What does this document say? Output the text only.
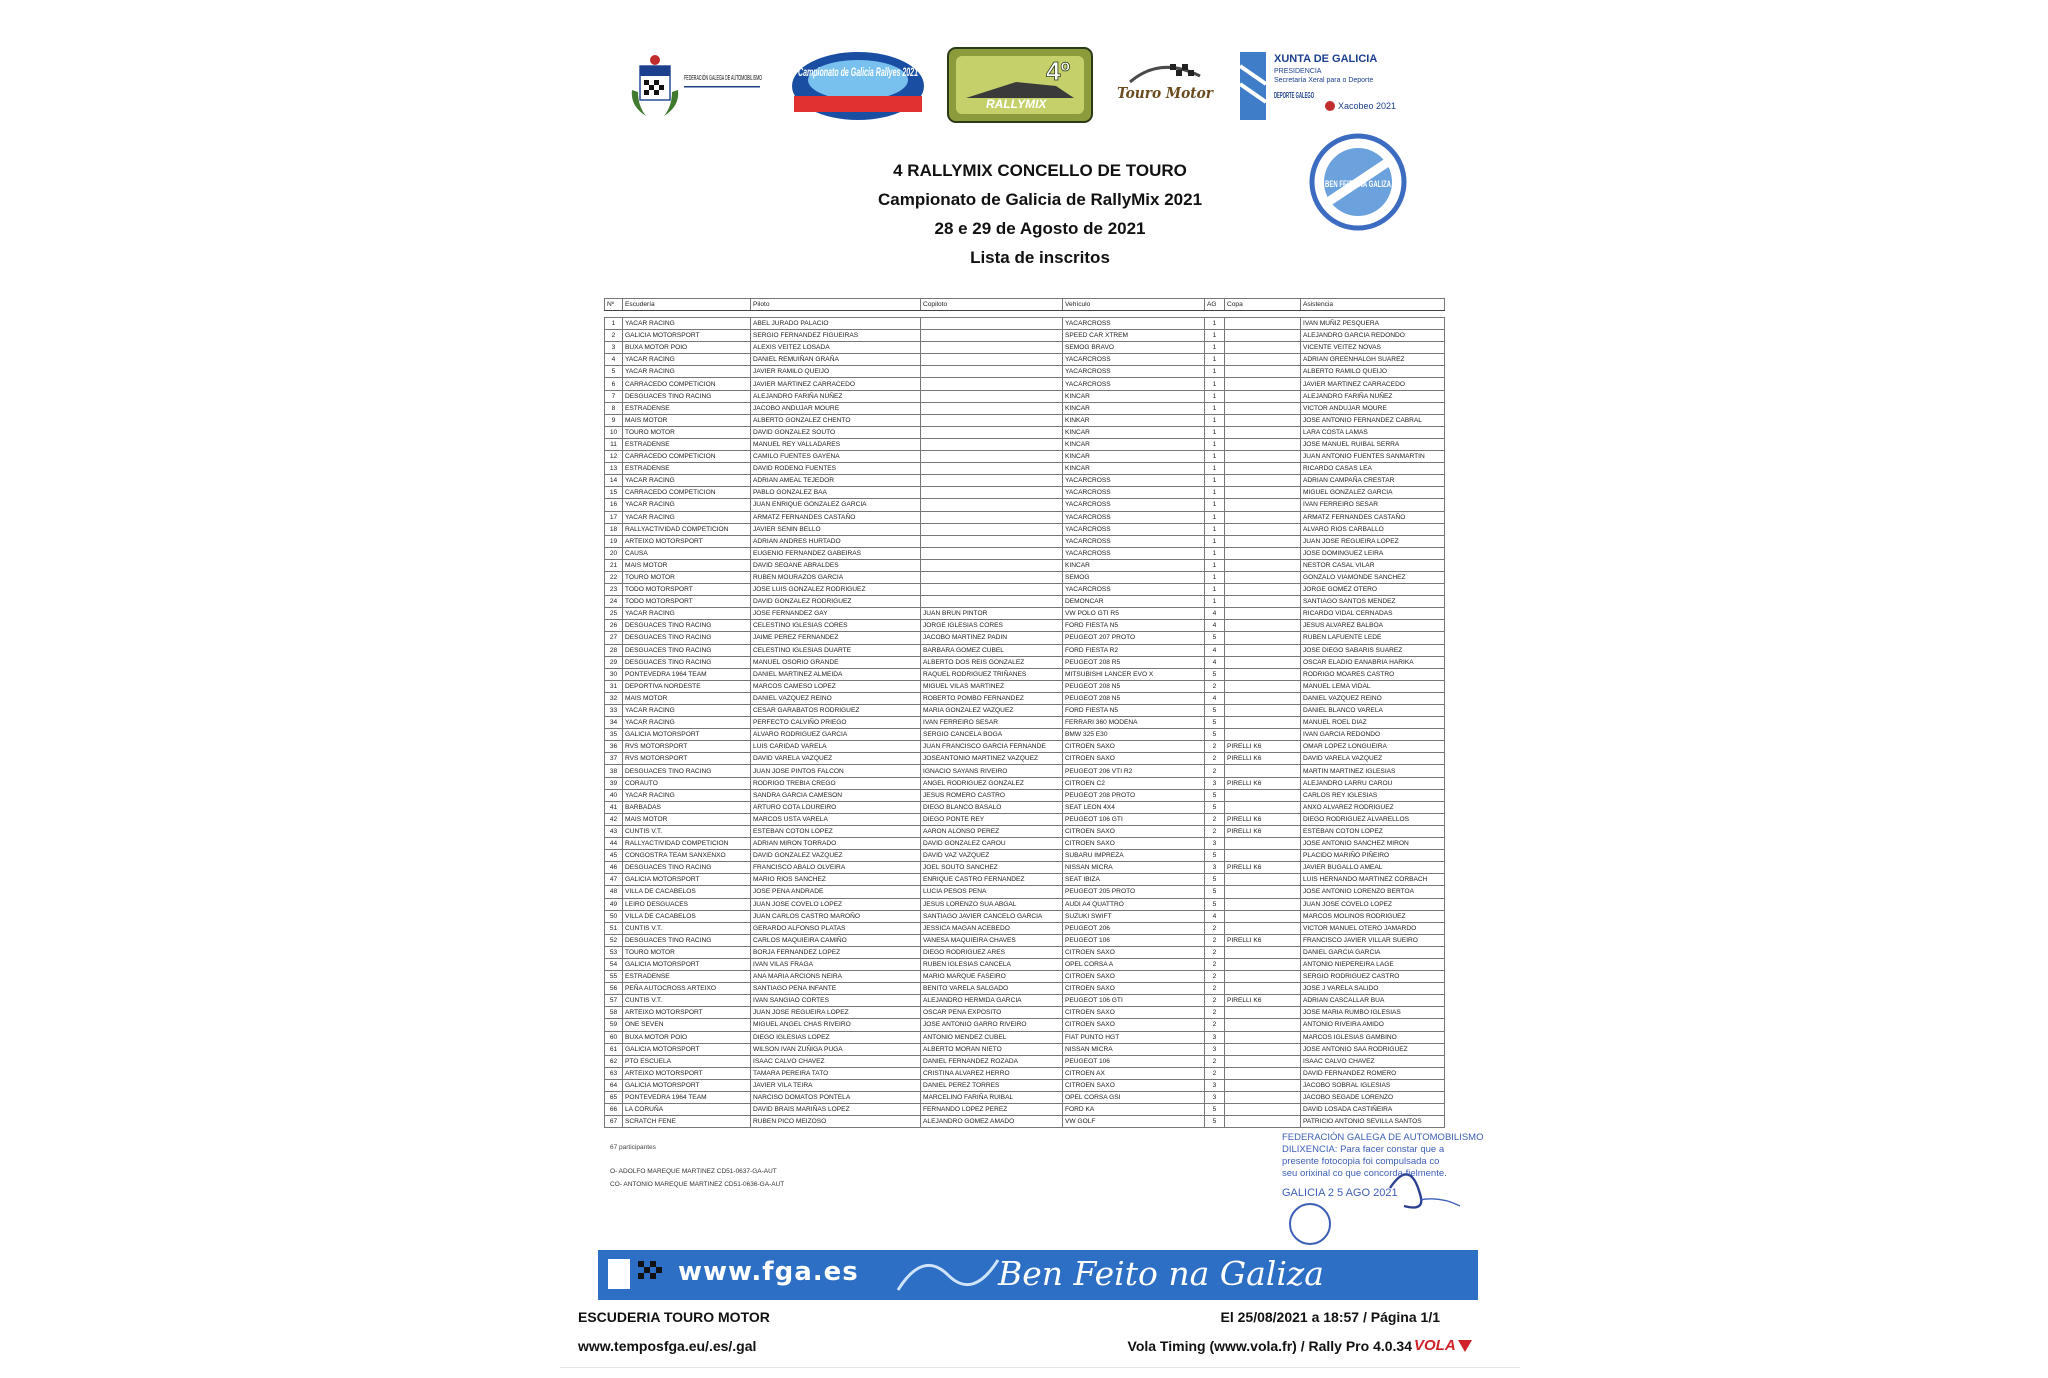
FEDERACIÓN GALEGA DE AUTOMOBILISMO
Campionato de Galicia Rallyes 2021
RALLYMIX
4º
Touro Motor
XUNTA DE GALICIA
PRESIDENCIA
Secretaría Xeral para o Deporte
DEPORTE GALEGO
Xacobeo 2021
BEN FEITO NA GALIZA
4 RALLYMIX CONCELLO DE TOURO
Campionato de Galicia de RallyMix 2021
28 e 29 de Agosto de 2021
Lista de inscritos
Nº	Escudería	Piloto	Copiloto	Vehículo	AG	Copa	Asistencia

1	YACAR RACING	ABEL JURADO PALACIO		YACARCROSS	1		IVAN MUÑIZ PESQUERA
2	GALICIA MOTORSPORT	SERGIO FERNANDEZ FIGUEIRAS		SPEED CAR XTREM	1		ALEJANDRO GARCIA REDONDO
3	BUXA MOTOR POIO	ALEXIS VEITEZ LOSADA		SEMOG BRAVO	1		VICENTE VEITEZ NOVAS
4	YACAR RACING	DANIEL REMUIÑAN GRAÑA		YACARCROSS	1		ADRIAN GREENHALGH SUAREZ
5	YACAR RACING	JAVIER RAMILO QUEIJO		YACARCROSS	1		ALBERTO RAMILO QUEIJO
6	CARRACEDO COMPETICION	JAVIER MARTINEZ CARRACEDO		YACARCROSS	1		JAVIER MARTINEZ CARRACEDO
7	DESGUACES TINO RACING	ALEJANDRO FARIÑA NUÑEZ		KINCAR	1		ALEJANDRO FARIÑA NUÑEZ
8	ESTRADENSE	JACOBO ANDUJAR MOURE		KINCAR	1		VICTOR ANDUJAR MOURE
9	MAIS MOTOR	ALBERTO GONZALEZ CHENTO		KINKAR	1		JOSE ANTONIO FERNANDEZ CABRAL
10	TOURO MOTOR	DAVID GONZALEZ SOUTO		KINCAR	1		LARA COSTA LAMAS
11	ESTRADENSE	MANUEL REY VALLADARES		KINCAR	1		JOSE MANUEL RUIBAL SERRA
12	CARRACEDO COMPETICION	CAMILO FUENTES GAYENA		KINCAR	1		JUAN ANTONIO FUENTES SANMARTIN
13	ESTRADENSE	DAVID RODENO FUENTES		KINCAR	1		RICARDO CASAS LEA
14	YACAR RACING	ADRIAN AMEAL TEJEDOR		YACARCROSS	1		ADRIAN CAMPAÑA CRESTAR
15	CARRACEDO COMPETICION	PABLO GONZALEZ BAA		YACARCROSS	1		MIGUEL GONZALEZ GARCIA
16	YACAR RACING	JUAN ENRIQUE GONZALEZ GARCIA		YACARCROSS	1		IVAN FERREIRO SESAR
17	YACAR RACING	ARMATZ FERNANDES CASTAÑO		YACARCROSS	1		ARMATZ FERNANDES CASTAÑO
18	RALLYACTIVIDAD COMPETICION	JAVIER SENIN BELLO		YACARCROSS	1		ALVARO RIOS CARBALLO
19	ARTEIXO MOTORSPORT	ADRIAN ANDRES HURTADO		YACARCROSS	1		JUAN JOSE REGUEIRA LOPEZ
20	CAUSA	EUGENIO FERNANDEZ GABEIRAS		YACARCROSS	1		JOSE DOMINGUEZ LEIRA
21	MAIS MOTOR	DAVID SEOANE ABRALDES		KINCAR	1		NESTOR CASAL VILAR
22	TOURO MOTOR	RUBEN MOURAZOS GARCIA		SEMOG	1		GONZALO VIAMONDE SANCHEZ
23	TODO MOTORSPORT	JOSE LUIS GONZALEZ RODRIGUEZ		YACARCROSS	1		JORGE GOMEZ OTERO
24	TODO MOTORSPORT	DAVID GONZALEZ RODRIGUEZ		DEMONCAR	1		SANTIAGO SANTOS MENDEZ
25	YACAR RACING	JOSE FERNANDEZ GAY	JUAN BRUN PINTOR	VW POLO GTI R5	4		RICARDO VIDAL CERNADAS
26	DESGUACES TINO RACING	CELESTINO IGLESIAS CORES	JORGE IGLESIAS CORES	FORD FIESTA N5	4		JESUS ALVAREZ BALBOA
27	DESGUACES TINO RACING	JAIME PEREZ FERNANDEZ	JACOBO MARTINEZ PADIN	PEUGEOT 207 PROTO	5		RUBEN LAFUENTE LEDE
28	DESGUACES TINO RACING	CELESTINO IGLESIAS DUARTE	BARBARA GOMEZ CUBEL	FORD FIESTA R2	4		JOSE DIEGO SABARIS SUAREZ
29	DESGUACES TINO RACING	MANUEL OSORIO GRANDE	ALBERTO DOS REIS GONZALEZ	PEUGEOT 208 R5	4		OSCAR ELADIO EANABRIA HARIKA
30	PONTEVEDRA 1964 TEAM	DANIEL MARTINEZ ALMEIDA	RAQUEL RODRIGUEZ TRIÑANES	MITSUBISHI LANCER EVO X	5		RODRIGO MOARES CASTRO
31	DEPORTIVA NORDESTE	MARCOS CAMESO LOPEZ	MIGUEL VILAS MARTINEZ	PEUGEOT 208 N5	2		MANUEL LEMA VIDAL
32	MAIS MOTOR	DANIEL VAZQUEZ REINO	ROBERTO POMBO FERNANDEZ	PEUGEOT 208 N5	4		DANIEL VAZQUEZ REINO
33	YACAR RACING	CESAR GARABATOS RODRIGUEZ	MARIA GONZALEZ VAZQUEZ	FORD FIESTA N5	5		DANIEL BLANCO VARELA
34	YACAR RACING	PERFECTO CALVIÑO PRIEGO	IVAN FERREIRO SESAR	FERRARI 360 MODENA	5		MANUEL ROEL DIAZ
35	GALICIA MOTORSPORT	ALVARO RODRIGUEZ GARCIA	SERGIO CANCELA BOGA	BMW 325 E30	5		IVAN GARCIA REDONDO
36	RVS MOTORSPORT	LUIS CARIDAD VARELA	JUAN FRANCISCO GARCIA FERNANDE	CITROEN SAXO	2	PIRELLI K6	OMAR LOPEZ LONGUEIRA
37	RVS MOTORSPORT	DAVID VARELA VAZQUEZ	JOSEANTONIO MARTINEZ VAZQUEZ	CITROEN SAXO	2	PIRELLI K6	DAVID VARELA VAZQUEZ
38	DESGUACES TINO RACING	JUAN JOSE PINTOS FALCON	IGNACIO SAYANS RIVEIRO	PEUGEOT 206 VTI R2	2		MARTIN MARTINEZ IGLESIAS
39	CORAUTO	RODRIGO TREBIA CREGO	ANGEL RODRIGUEZ GONZALEZ	CITROEN C2	3	PIRELLI K6	ALEJANDRO LARRU CAROU
40	YACAR RACING	SANDRA GARCIA CAMESON	JESUS ROMERO CASTRO	PEUGEOT 208 PROTO	5		CARLOS REY IGLESIAS
41	BARBADAS	ARTURO COTA LOUREIRO	DIEGO BLANCO BASALO	SEAT LEON 4X4	5		ANXO ALVAREZ RODRIGUEZ
42	MAIS MOTOR	MARCOS USTA VARELA	DIEGO PONTE REY	PEUGEOT 106 GTI	2	PIRELLI K6	DIEGO RODRIGUEZ ALVARELLOS
43	CUNTIS V.T.	ESTEBAN COTON LOPEZ	AARON ALONSO PEREZ	CITROEN SAXO	2	PIRELLI K6	ESTEBAN COTON LOPEZ
44	RALLYACTIVIDAD COMPETICION	ADRIAN MIRON TORRADO	DAVID GONZALEZ CAROU	CITROEN SAXO	3		JOSE ANTONIO SANCHEZ MIRON
45	CONGOSTRA TEAM SANXENXO	DAVID GONZALEZ VAZQUEZ	DAVID VAZ VAZQUEZ	SUBARU IMPREZA	5		PLACIDO MARIÑO PIÑEIRO
46	DESGUACES TINO RACING	FRANCISCO ABALO OLVEIRA	JOEL SOUTO SANCHEZ	NISSAN MICRA	3	PIRELLI K6	JAVIER BUGALLO AMEAL
47	GALICIA MOTORSPORT	MARIO RIOS SANCHEZ	ENRIQUE CASTRO FERNANDEZ	SEAT IBIZA	5		LUIS HERNANDO MARTINEZ CORBACH
48	VILLA DE CACABELOS	JOSE PENA ANDRADE	LUCIA PESOS PENA	PEUGEOT 205 PROTO	5		JOSE ANTONIO LORENZO BERTOA
49	LEIRO DESGUACES	JUAN JOSE COVELO LOPEZ	JESUS LORENZO SUA ABGAL	AUDI A4 QUATTRO	5		JUAN JOSE COVELO LOPEZ
50	VILLA DE CACABELOS	JUAN CARLOS CASTRO MAROÑO	SANTIAGO JAVIER CANCELO GARCIA	SUZUKI SWIFT	4		MARCOS MOLINOS RODRIGUEZ
51	CUNTIS V.T.	GERARDO ALFONSO PLATAS	JESSICA MAGAN ACEBEDO	PEUGEOT 206	2		VICTOR MANUEL OTERO JAMARDO
52	DESGUACES TINO RACING	CARLOS MAQUIEIRA CAMIÑO	VANESA MAQUIEIRA CHAVES	PEUGEOT 106	2	PIRELLI K6	FRANCISCO JAVIER VILLAR SUEIRO
53	TOURO MOTOR	BORJA FERNANDEZ LOPEZ	DIEGO RODRIGUEZ ARES	CITROEN SAXO	2		DANIEL GARCIA GARCIA
54	GALICIA MOTORSPORT	IVAN VILAS FRAGA	RUBEN IGLESIAS CANCELA	OPEL CORSA A	2		ANTONIO NIEPEREIRA LAGE
55	ESTRADENSE	ANA MARIA ARCIONS NEIRA	MARIO MARQUE FASEIRO	CITROEN SAXO	2		SERGIO RODRIGUEZ CASTRO
56	PEÑA AUTOCROSS ARTEIXO	SANTIAGO PENA INFANTE	BENITO VARELA SALGADO	CITROEN SAXO	2		JOSE J VARELA SALIDO
57	CUNTIS V.T.	IVAN SANGIAO CORTES	ALEJANDRO HERMIDA GARCIA	PEUGEOT 106 GTI	2	PIRELLI K6	ADRIAN CASCALLAR BUA
58	ARTEIXO MOTORSPORT	JUAN JOSE REGUEIRA LOPEZ	OSCAR PENA EXPOSITO	CITROEN SAXO	2		JOSE MARIA RUMBO IGLESIAS
59	ONE SEVEN	MIGUEL ANGEL CHAS RIVEIRO	JOSE ANTONIO GARRO RIVEIRO	CITROEN SAXO	2		ANTONIO RIVEIRA AMIDO
60	BUXA MOTOR POIO	DIEGO IGLESIAS LOPEZ	ANTONIO MENDEZ CUBEL	FIAT PUNTO HGT	3		MARCOS IGLESIAS GAMBINO
61	GALICIA MOTORSPORT	WILSON IVAN ZUÑIGA PUGA	ALBERTO MORAN NIETO	NISSAN MICRA	3		JOSE ANTONIO SAA RODRIGUEZ
62	PTO ESCUELA	ISAAC CALVO CHAVEZ	DANIEL FERNANDEZ ROZADA	PEUGEOT 106	2		ISAAC CALVO CHAVEZ
63	ARTEIXO MOTORSPORT	TAMARA PEREIRA TATO	CRISTINA ALVAREZ HERRO	CITROEN AX	2		DAVID FERNANDEZ ROMERO
64	GALICIA MOTORSPORT	JAVIER VILA TEIRA	DANIEL PEREZ TORRES	CITROEN SAXO	3		JACOBO SOBRAL IGLESIAS
65	PONTEVEDRA 1964 TEAM	NARCISO DOMATOS PONTELA	MARCELINO FARIÑA RUIBAL	OPEL CORSA GSI	3		JACOBO SEGADE LORENZO
66	LA CORUÑA	DAVID BRAIS MARIÑAS LOPEZ	FERNANDO LOPEZ PEREZ	FORD KA	5		DAVID LOSADA CASTIÑEIRA
67	SCRATCH FENE	RUBEN PICO MEIZOSO	ALEJANDRO GOMEZ AMADO	VW GOLF	5		PATRICIO ANTONIO SEVILLA SANTOS
67 participantes
O- ADOLFO MAREQUE MARTINEZ CD51-0637-GA-AUT
CO- ANTONIO MAREQUE MARTINEZ CD51-0636-GA-AUT
FEDERACIÓN GALEGA DE AUTOMOBILISMO
DILIXENCIA: Para facer constar que a
presente fotocopia foi compulsada co
seu orixinal co que concorda fielmente.
GALICIA 2 5 AGO 2021
www.fga.es	Ben Feito na Galiza
ESCUDERIA TOURO MOTOR	El 25/08/2021 a 18:57 / Página 1/1
www.temposfga.eu/.es/.gal	Vola Timing (www.vola.fr) / Rally Pro 4.0.34 VOLA
